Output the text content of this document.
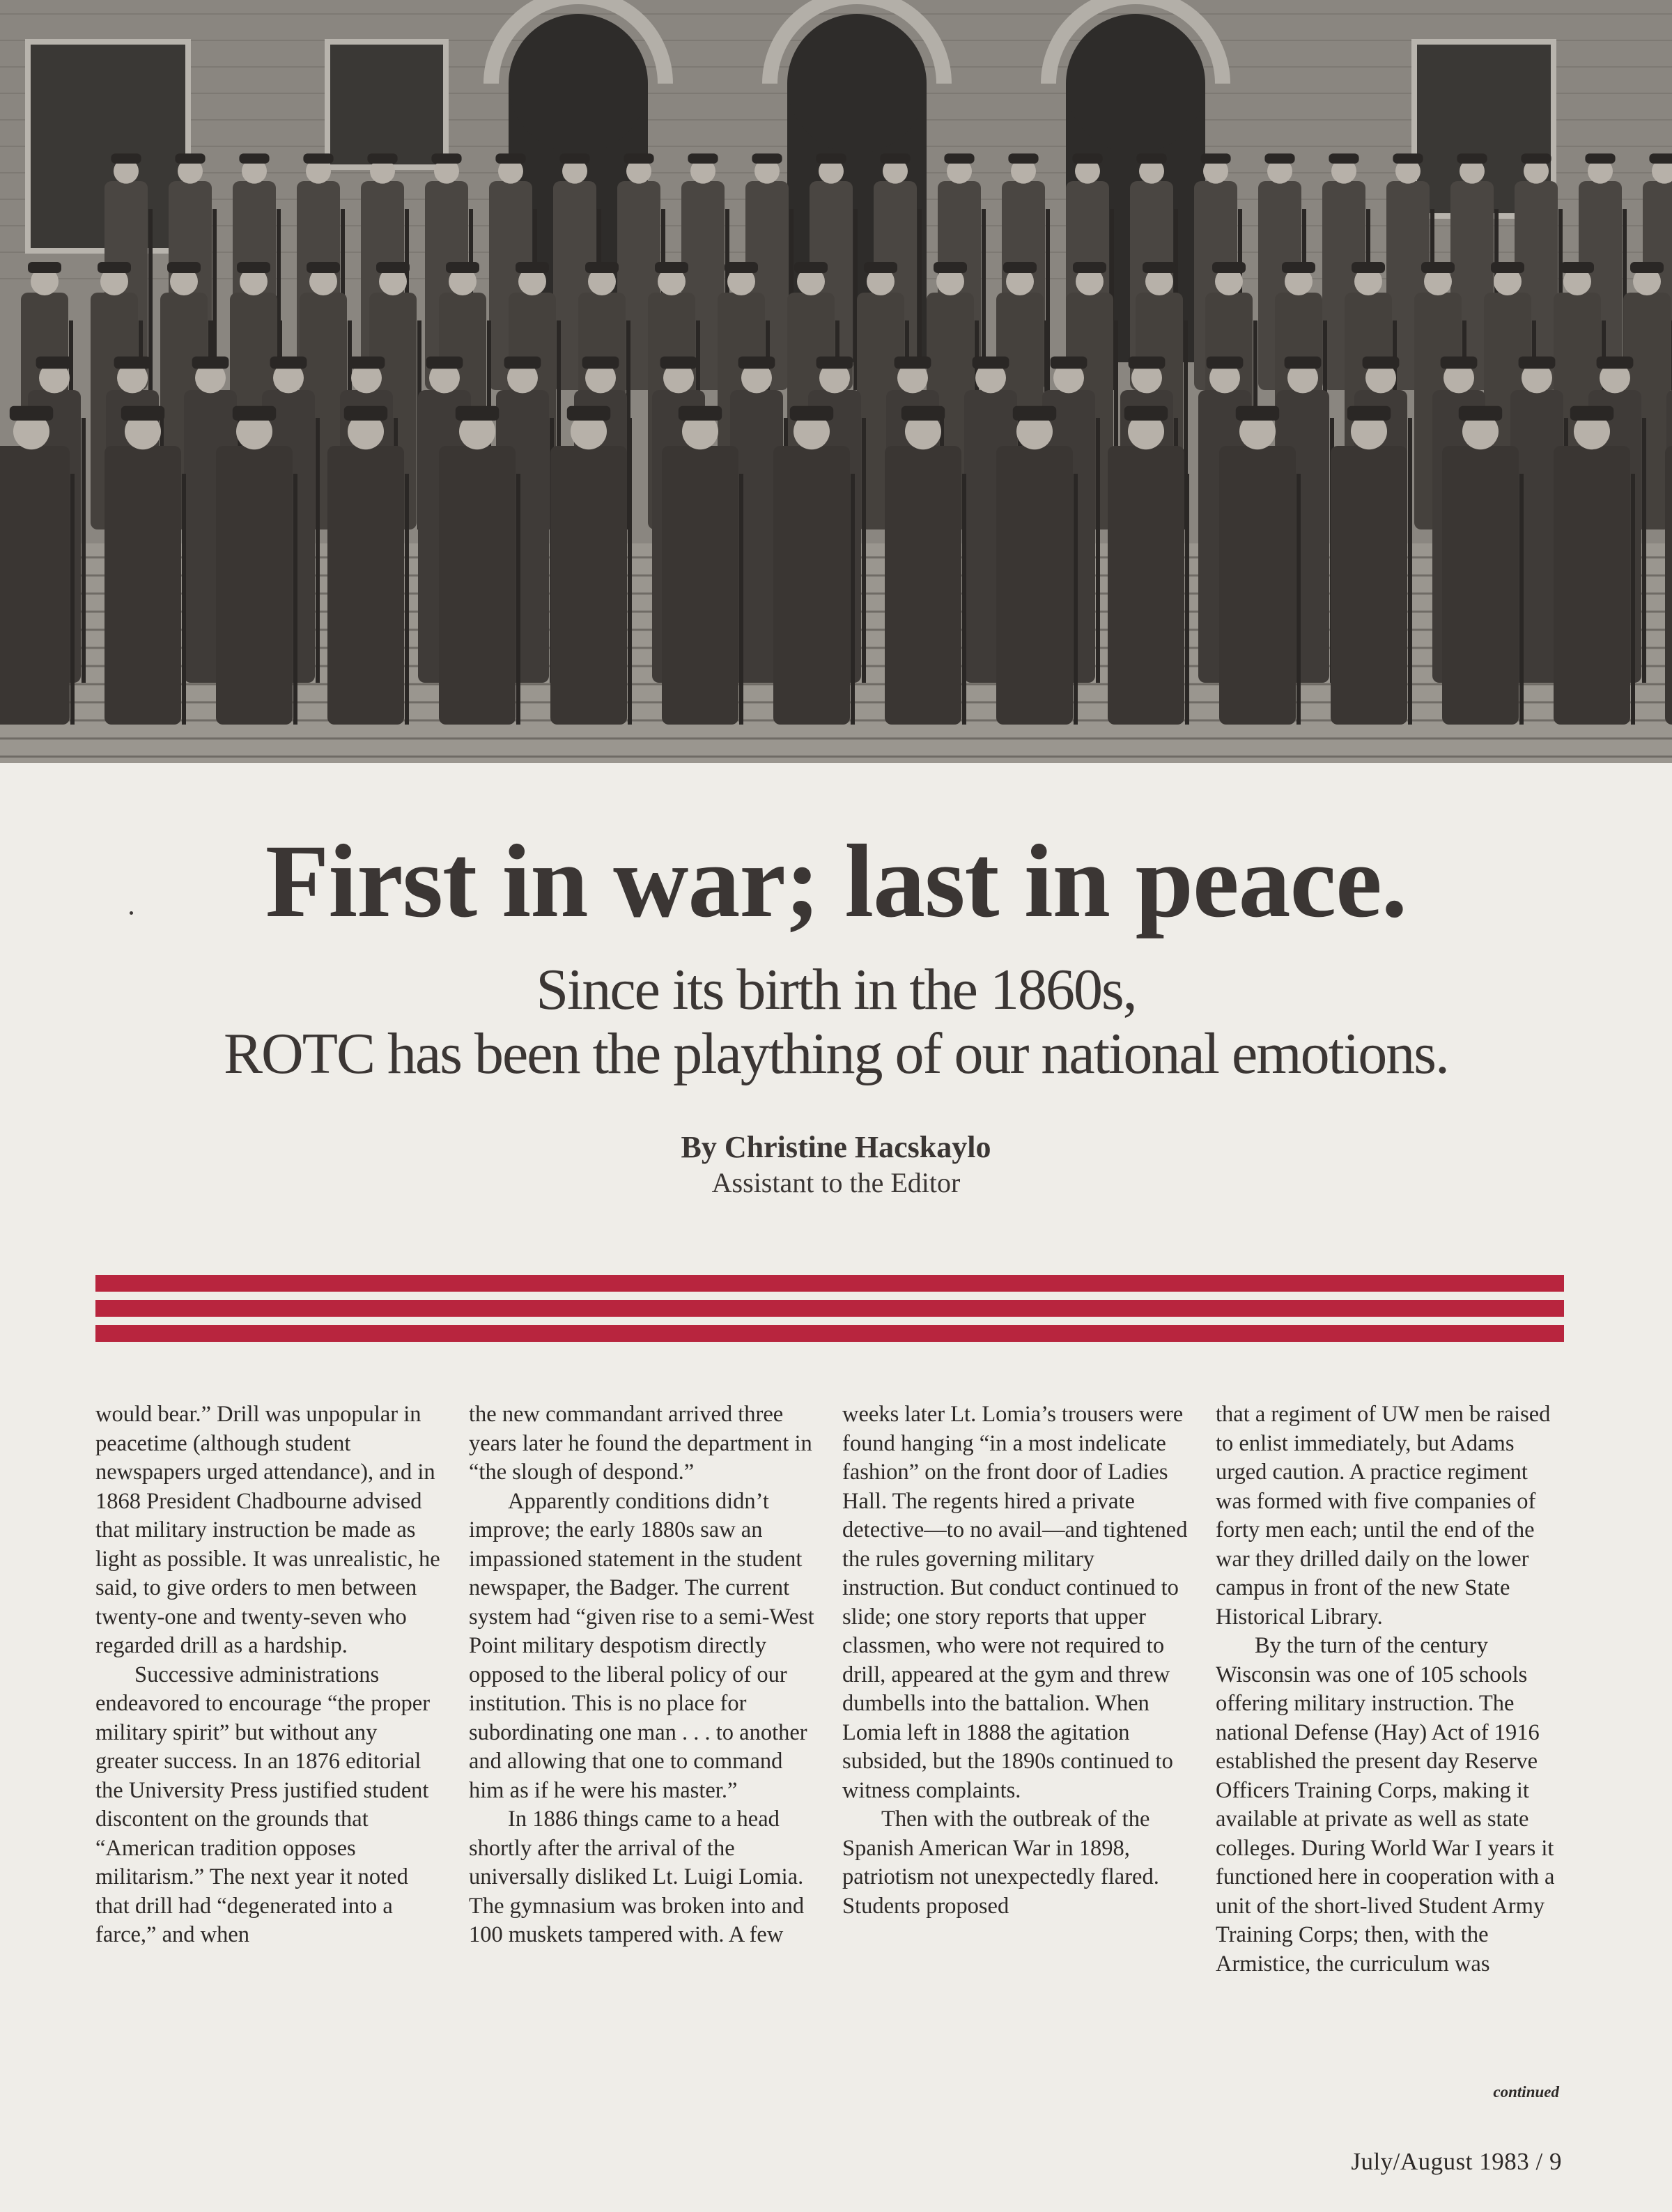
First in war; last in peace.
Since its birth in the 1860s,
ROTC has been the plaything of our national emotions.
By Christine Hacskaylo
Assistant to the Editor

would bear.” Drill was unpopular in peacetime (although student newspapers urged attendance), and in 1868 President Chadbourne advised that military instruction be made as light as possible. It was unrealistic, he said, to give orders to men between twenty-one and twenty-seven who regarded drill as a hardship.

Successive administrations endeavored to encourage “the proper military spirit” but without any greater success. In an 1876 editorial the University Press justified student discontent on the grounds that “American tradition opposes militarism.” The next year it noted that drill had “degenerated into a farce,” and when

the new commandant arrived three years later he found the department in “the slough of despond.”

Apparently conditions didn’t improve; the early 1880s saw an impassioned statement in the student newspaper, the Badger. The current system had “given rise to a semi-West Point military despotism directly opposed to the liberal policy of our institution. This is no place for subordinating one man . . . to another and allowing that one to command him as if he were his master.”

In 1886 things came to a head shortly after the arrival of the universally disliked Lt. Luigi Lomia. The gymnasium was broken into and 100 muskets tampered with. A few

weeks later Lt. Lomia’s trousers were found hanging “in a most indelicate fashion” on the front door of Ladies Hall. The regents hired a private detective—to no avail—and tightened the rules governing military instruction. But conduct continued to slide; one story reports that upper classmen, who were not required to drill, appeared at the gym and threw dumbells into the battalion. When Lomia left in 1888 the agitation subsided, but the 1890s continued to witness complaints.

Then with the outbreak of the Spanish American War in 1898, patriotism not unexpectedly flared. Students proposed

that a regiment of UW men be raised to enlist immediately, but Adams urged caution. A practice regiment was formed with five companies of forty men each; until the end of the war they drilled daily on the lower campus in front of the new State Historical Library.

By the turn of the century Wisconsin was one of 105 schools offering military instruction. The national Defense (Hay) Act of 1916 established the present day Reserve Officers Training Corps, making it available at private as well as state colleges. During World War I years it functioned here in cooperation with a unit of the short-lived Student Army Training Corps; then, with the Armistice, the curriculum was

continued
July/August 1983 / 9
